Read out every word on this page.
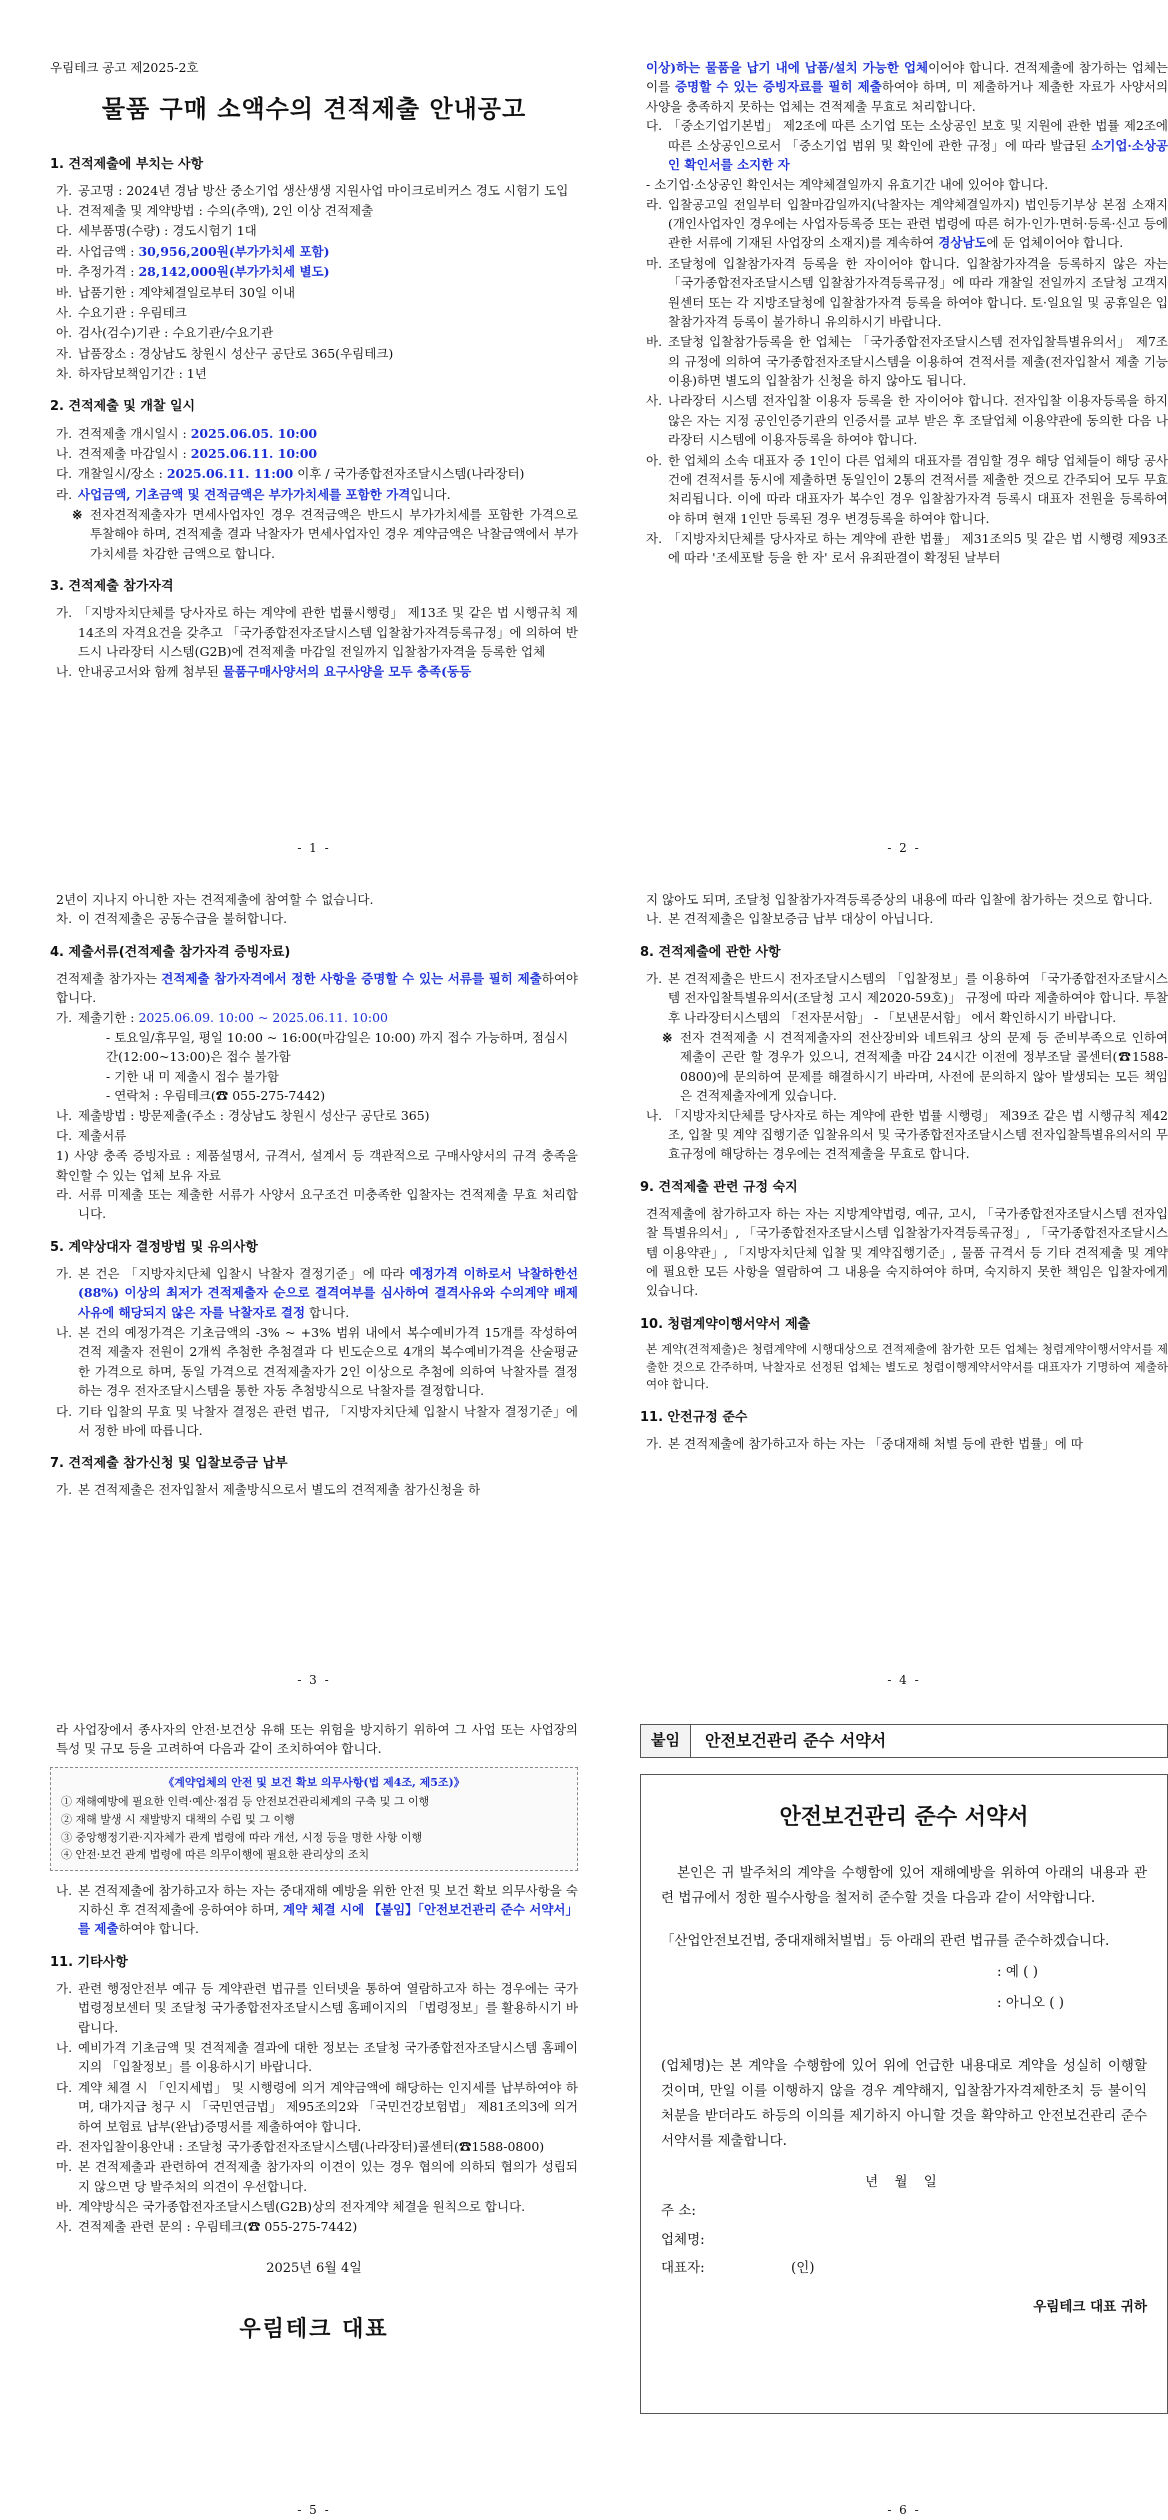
우림테크 공고 제2025-2호
물품 구매 소액수의 견적제출 안내공고
1. 견적제출에 부치는 사항
가. 공고명 : 2024년 경남 방산 중소기업 생산생생 지원사업 마이크로비커스 경도 시험기 도입
나. 견적제출 및 계약방법 : 수의(추액), 2인 이상 견적제출
다. 세부품명(수량) : 경도시험기 1대
라. 사업금액 : 30,956,200원(부가가치세 포함)
마. 추정가격 : 28,142,000원(부가가치세 별도)
바. 납품기한 : 계약체결일로부터 30일 이내
사. 수요기관 : 우림테크
아. 검사(검수)기관 : 수요기관/수요기관
자. 납품장소 : 경상남도 창원시 성산구 공단로 365(우림테크)
차. 하자담보책임기간 : 1년
2. 견적제출 및 개찰 일시
가. 견적제출 개시일시 : 2025.06.05. 10:00
나. 견적제출 마감일시 : 2025.06.11. 10:00
다. 개찰일시/장소 : 2025.06.11. 11:00 이후 / 국가종합전자조달시스템(나라장터)
라. 사업금액, 기초금액 및 견적금액은 부가가치세를 포함한 가격입니다.
※ 전자견적제출자가 면세사업자인 경우 견적금액은 반드시 부가가치세를 포함한 가격으로 투찰해야 하며, 견적제출 결과 낙찰자가 면세사업자인 경우 계약금액은 낙찰금액에서 부가가치세를 차감한 금액으로 합니다.
3. 견적제출 참가자격
가. 「지방자치단체를 당사자로 하는 계약에 관한 법률시행령」 제13조 및 같은 법 시행규칙 제14조의 자격요건을 갖추고 「국가종합전자조달시스템 입찰참가자격등록규정」에 의하여 반드시 나라장터 시스템(G2B)에 견적제출 마감일 전일까지 입찰참가자격을 등록한 업체
나. 안내공고서와 함께 첨부된 물품구매사양서의 요구사양을 모두 충족(동등
- 1 -
이상)하는 물품을 납기 내에 납품/설치 가능한 업체이어야 합니다. 견적제출에 참가하는 업체는 이를 증명할 수 있는 증빙자료를 필히 제출하여야 하며, 미 제출하거나 제출한 자료가 사양서의 사양을 충족하지 못하는 업체는 견적제출 무효로 처리합니다.
다. 「중소기업기본법」 제2조에 따른 소기업 또는 소상공인 보호 및 지원에 관한 법률 제2조에 따른 소상공인으로서 「중소기업 범위 및 확인에 관한 규정」에 따라 발급된 소기업·소상공인 확인서를 소지한 자
- 소기업·소상공인 확인서는 계약체결일까지 유효기간 내에 있어야 합니다.
라. 입찰공고일 전일부터 입찰마감일까지(낙찰자는 계약체결일까지) 법인등기부상 본점 소재지(개인사업자인 경우에는 사업자등록증 또는 관련 법령에 따른 허가·인가·면허·등록·신고 등에 관한 서류에 기재된 사업장의 소재지)를 계속하여 경상남도에 둔 업체이어야 합니다.
마. 조달청에 입찰참가자격 등록을 한 자이어야 합니다. 입찰참가자격을 등록하지 않은 자는 「국가종합전자조달시스템 입찰참가자격등록규정」에 따라 개찰일 전일까지 조달청 고객지원센터 또는 각 지방조달청에 입찰참가자격 등록을 하여야 합니다. 토·일요일 및 공휴일은 입찰참가자격 등록이 불가하니 유의하시기 바랍니다.
바. 조달청 입찰참가등록을 한 업체는 「국가종합전자조달시스템 전자입찰특별유의서」 제7조의 규정에 의하여 국가종합전자조달시스템을 이용하여 견적서를 제출(전자입찰서 제출 기능 이용)하면 별도의 입찰참가 신청을 하지 않아도 됩니다.
사. 나라장터 시스템 전자입찰 이용자 등록을 한 자이어야 합니다. 전자입찰 이용자등록을 하지 않은 자는 지정 공인인증기관의 인증서를 교부 받은 후 조달업체 이용약관에 동의한 다음 나라장터 시스템에 이용자등록을 하여야 합니다.
아. 한 업체의 소속 대표자 중 1인이 다른 업체의 대표자를 겸임할 경우 해당 업체들이 해당 공사건에 견적서를 동시에 제출하면 동일인이 2통의 견적서를 제출한 것으로 간주되어 모두 무효 처리됩니다. 이에 따라 대표자가 복수인 경우 입찰참가자격 등록시 대표자 전원을 등록하여야 하며 현재 1인만 등록된 경우 변경등록을 하여야 합니다.
자. 「지방자치단체를 당사자로 하는 계약에 관한 법률」 제31조의5 및 같은 법 시행령 제93조에 따라 '조세포탈 등을 한 자' 로서 유죄판결이 확정된 날부터
- 2 -
2년이 지나지 아니한 자는 견적제출에 참여할 수 없습니다.
차. 이 견적제출은 공동수급을 불허합니다.
4. 제출서류(견적제출 참가자격 증빙자료)
견적제출 참가자는 견적제출 참가자격에서 정한 사항을 증명할 수 있는 서류를 필히 제출하여야 합니다.
가. 제출기한 : 2025.06.09. 10:00 ~ 2025.06.11. 10:00
- 토요일/휴무일, 평일 10:00 ~ 16:00(마감일은 10:00) 까지 접수 가능하며, 점심시간(12:00~13:00)은 접수 불가함
- 기한 내 미 제출시 접수 불가함
- 연락처 : 우림테크(☎ 055-275-7442)
나. 제출방법 : 방문제출(주소 : 경상남도 창원시 성산구 공단로 365)
다. 제출서류
1) 사양 충족 증빙자료 : 제품설명서, 규격서, 설계서 등 객관적으로 구매사양서의 규격 충족을 확인할 수 있는 업체 보유 자료
라. 서류 미제출 또는 제출한 서류가 사양서 요구조건 미충족한 입찰자는 견적제출 무효 처리합니다.
5. 계약상대자 결정방법 및 유의사항
가. 본 건은 「지방자치단체 입찰시 낙찰자 결정기준」에 따라 예정가격 이하로서 낙찰하한선(88%) 이상의 최저가 견적제출자 순으로 결격여부를 심사하여 결격사유와 수의계약 배제사유에 해당되지 않은 자를 낙찰자로 결정 합니다.
나. 본 건의 예정가격은 기초금액의 -3% ~ +3% 범위 내에서 복수예비가격 15개를 작성하여 견적 제출자 전원이 2개씩 추첨한 추첨결과 다 빈도순으로 4개의 복수예비가격을 산술평균한 가격으로 하며, 동일 가격으로 견적제출자가 2인 이상으로 추첨에 의하여 낙찰자를 결정하는 경우 전자조달시스템을 통한 자동 추첨방식으로 낙찰자를 결정합니다.
다. 기타 입찰의 무효 및 낙찰자 결정은 관련 법규, 「지방자치단체 입찰시 낙찰자 결정기준」에서 정한 바에 따릅니다.
7. 견적제출 참가신청 및 입찰보증금 납부
가. 본 견적제출은 전자입찰서 제출방식으로서 별도의 견적제출 참가신청을 하
- 3 -
지 않아도 되며, 조달청 입찰참가자격등록증상의 내용에 따라 입찰에 참가하는 것으로 합니다.
나. 본 견적제출은 입찰보증금 납부 대상이 아닙니다.
8. 견적제출에 관한 사항
가. 본 견적제출은 반드시 전자조달시스템의 「입찰정보」를 이용하여 「국가종합전자조달시스템 전자입찰특별유의서(조달청 고시 제2020-59호)」 규정에 따라 제출하여야 합니다. 투찰 후 나라장터시스템의 「전자문서함」 - 「보낸문서함」 에서 확인하시기 바랍니다.
※ 전자 견적제출 시 견적제출자의 전산장비와 네트워크 상의 문제 등 준비부족으로 인하여 제출이 곤란 할 경우가 있으니, 견적제출 마감 24시간 이전에 정부조달 콜센터(☎1588-0800)에 문의하여 문제를 해결하시기 바라며, 사전에 문의하지 않아 발생되는 모든 책임은 견적제출자에게 있습니다.
나. 「지방자치단체를 당사자로 하는 계약에 관한 법률 시행령」 제39조 같은 법 시행규칙 제42조, 입찰 및 계약 집행기준 입찰유의서 및 국가종합전자조달시스템 전자입찰특별유의서의 무효규정에 해당하는 경우에는 견적제출을 무효로 합니다.
9. 견적제출 관련 규정 숙지
견적제출에 참가하고자 하는 자는 지방계약법령, 예규, 고시, 「국가종합전자조달시스템 전자입찰 특별유의서」, 「국가종합전자조달시스템 입찰참가자격등록규정」, 「국가종합전자조달시스템 이용약관」, 「지방자치단체 입찰 및 계약집행기준」, 물품 규격서 등 기타 견적제출 및 계약에 필요한 모든 사항을 열람하여 그 내용을 숙지하여야 하며, 숙지하지 못한 책임은 입찰자에게 있습니다.
10. 청렴계약이행서약서 제출
본 계약(견적제출)은 청렴계약에 시행대상으로 견적제출에 참가한 모든 업체는 청렴계약이행서약서를 제출한 것으로 간주하며, 낙찰자로 선정된 업체는 별도로 청렴이행계약서약서를 대표자가 기명하여 제출하여야 합니다.
11. 안전규정 준수
가. 본 견적제출에 참가하고자 하는 자는 「중대재해 처벌 등에 관한 법률」에 따
- 4 -
라 사업장에서 종사자의 안전·보건상 유해 또는 위험을 방지하기 위하여 그 사업 또는 사업장의 특성 및 규모 등을 고려하여 다음과 같이 조치하여야 합니다.
《계약업체의 안전 및 보건 확보 의무사항(법 제4조, 제5조)》
① 재해예방에 필요한 인력·예산·점검 등 안전보건관리체계의 구축 및 그 이행
② 재해 발생 시 재발방지 대책의 수립 및 그 이행
③ 중앙행정기관·지자체가 관계 법령에 따라 개선, 시정 등을 명한 사항 이행
④ 안전·보건 관계 법령에 따른 의무이행에 필요한 관리상의 조치
나. 본 견적제출에 참가하고자 하는 자는 중대재해 예방을 위한 안전 및 보건 확보 의무사항을 숙지하신 후 견적제출에 응하여야 하며, 계약 체결 시에 【붙임】「안전보건관리 준수 서약서」를 제출하여야 합니다.
11. 기타사항
가. 관련 행정안전부 예규 등 계약관련 법규를 인터넷을 통하여 열람하고자 하는 경우에는 국가법령정보센터 및 조달청 국가종합전자조달시스템 홈페이지의 「법령정보」를 활용하시기 바랍니다.
나. 예비가격 기초금액 및 견적제출 결과에 대한 정보는 조달청 국가종합전자조달시스템 홈페이지의 「입찰정보」를 이용하시기 바랍니다.
다. 계약 체결 시 「인지세법」 및 시행령에 의거 계약금액에 해당하는 인지세를 납부하여야 하며, 대가지급 청구 시 「국민연금법」 제95조의2와 「국민건강보험법」 제81조의3에 의거하여 보험료 납부(완납)증명서를 제출하여야 합니다.
라. 전자입찰이용안내 : 조달청 국가종합전자조달시스템(나라장터)콜센터(☎1588-0800)
마. 본 견적제출과 관련하여 견적제출 참가자의 이견이 있는 경우 협의에 의하되 협의가 성립되지 않으면 당 발주처의 의견이 우선합니다.
바. 계약방식은 국가종합전자조달시스템(G2B)상의 전자계약 체결을 원칙으로 합니다.
사. 견적제출 관련 문의 : 우림테크(☎ 055-275-7442)
2025년 6월 4일
우림테크 대표
- 5 -
붙임	안전보건관리 준수 서약서
안전보건관리 준수 서약서
본인은 귀 발주처의 계약을 수행함에 있어 재해예방을 위하여 아래의 내용과 관련 법규에서 정한 필수사항을 철저히 준수할 것을 다음과 같이 서약합니다.
「산업안전보건법, 중대재해처벌법」등 아래의 관련 법규를 준수하겠습니다.
: 예 ( )
: 아니오 ( )
(업체명)는 본 계약을 수행함에 있어 위에 언급한 내용대로 계약을 성실히 이행할 것이며, 만일 이를 이행하지 않을 경우 계약해지, 입찰참가자격제한조치 등 불이익 처분을 받더라도 하등의 이의를 제기하지 아니할 것을 확약하고 안전보건관리 준수서약서를 제출합니다.
년 월 일
주 소:
업체명:
대표자:	(인)
우림테크 대표 귀하
- 6 -
